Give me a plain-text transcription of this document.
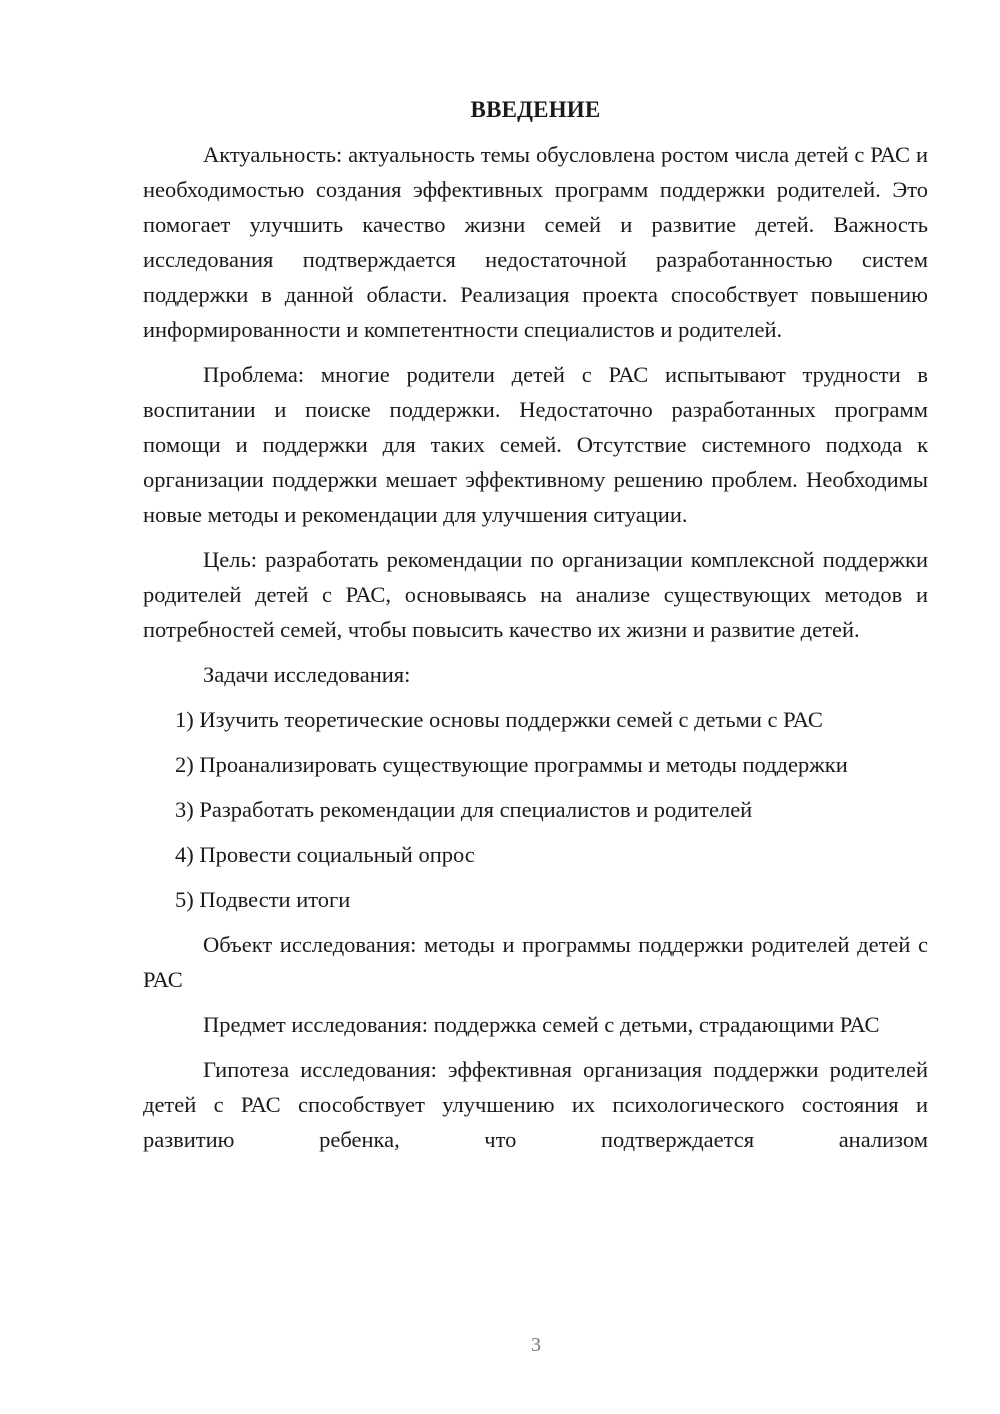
ВВЕДЕНИЕ

Актуальность: актуальность темы обусловлена ростом числа детей с РАС и необходимостью создания эффективных программ поддержки родителей. Это помогает улучшить качество жизни семей и развитие детей. Важность исследования подтверждается недостаточной разработанностью систем поддержки в данной области. Реализация проекта способствует повышению информированности и компетентности специалистов и родителей.

Проблема: многие родители детей с РАС испытывают трудности в воспитании и поиске поддержки. Недостаточно разработанных программ помощи и поддержки для таких семей. Отсутствие системного подхода к организации поддержки мешает эффективному решению проблем. Необходимы новые методы и рекомендации для улучшения ситуации.

Цель: разработать рекомендации по организации комплексной поддержки родителей детей с РАС, основываясь на анализе существующих методов и потребностей семей, чтобы повысить качество их жизни и развитие детей.

Задачи исследования:
1) Изучить теоретические основы поддержки семей с детьми с РАС
2) Проанализировать существующие программы и методы поддержки
3) Разработать рекомендации для специалистов и родителей
4) Провести социальный опрос
5) Подвести итоги

Объект исследования: методы и программы поддержки родителей детей с РАС

Предмет исследования: поддержка семей с детьми, страдающими РАС

Гипотеза исследования: эффективная организация поддержки родителей детей с РАС способствует улучшению их психологического состояния и развитию ребенка, что подтверждается анализом

3
